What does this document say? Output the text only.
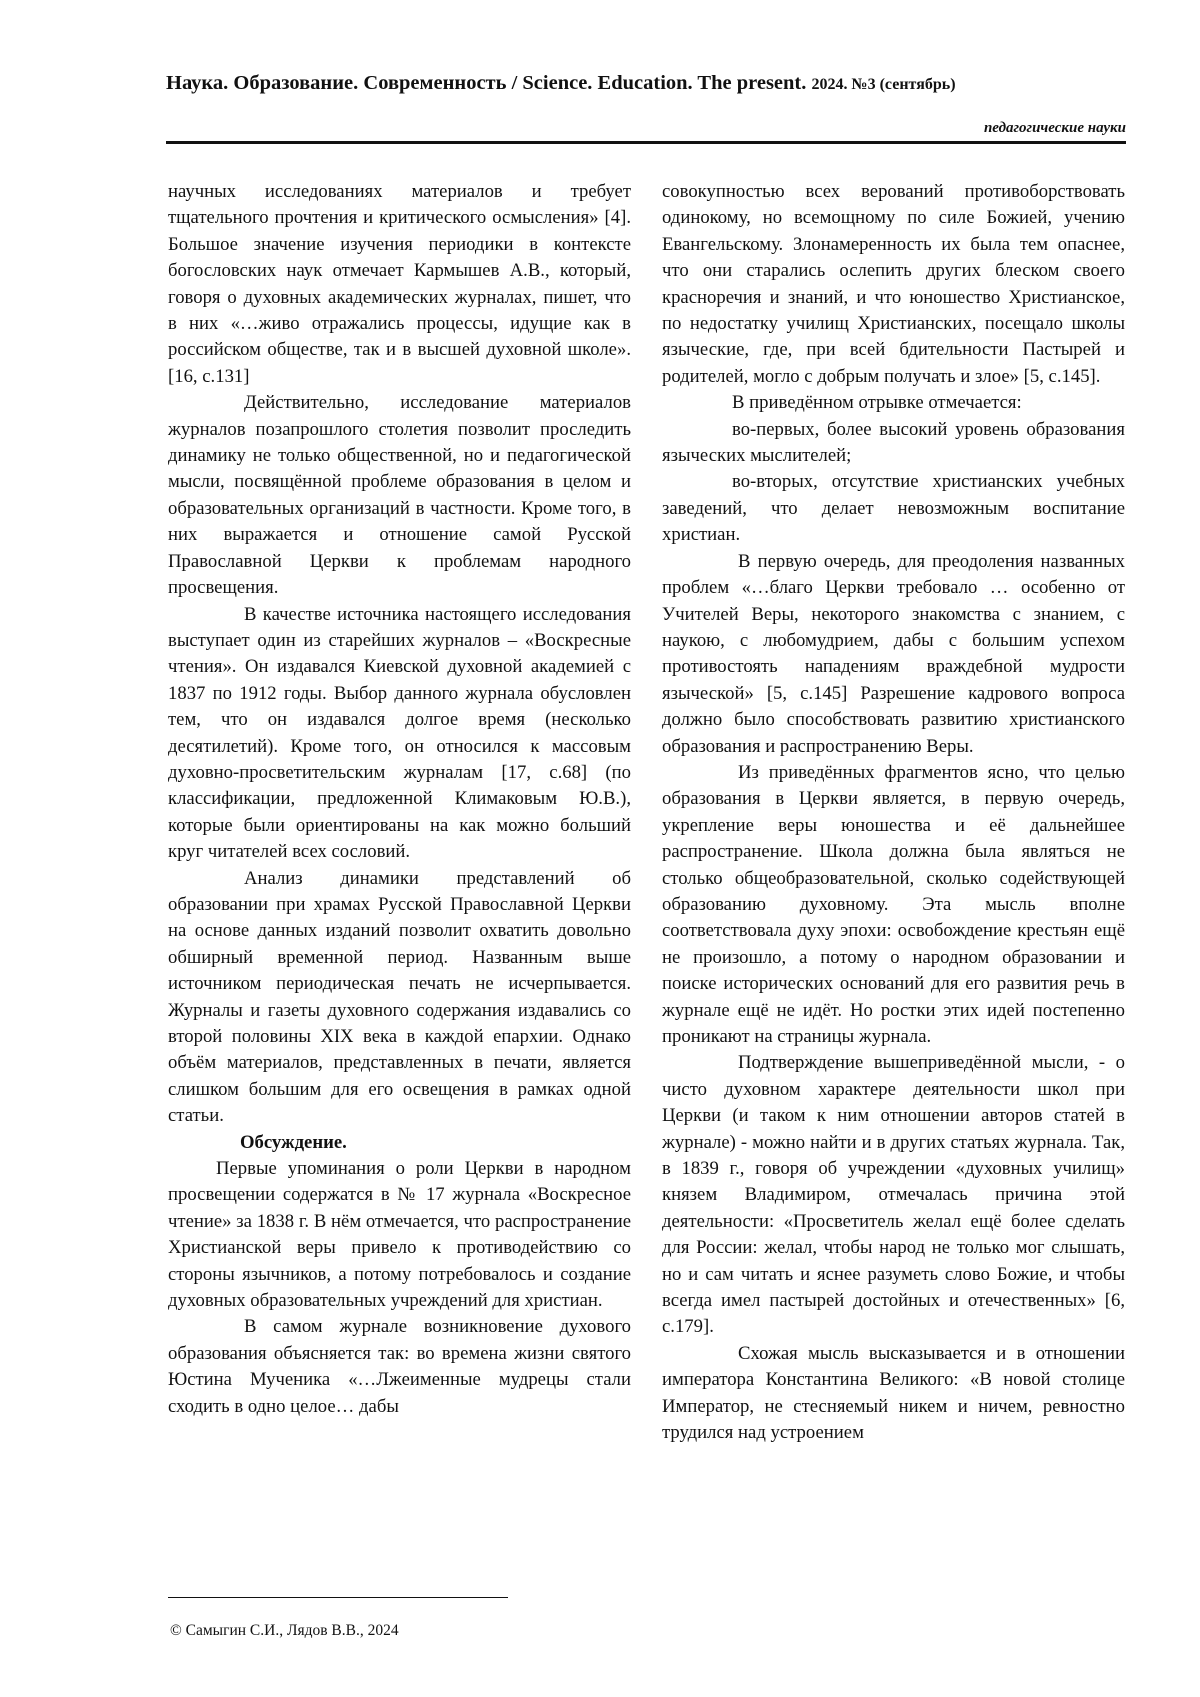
Наука. Образование. Современность / Science. Education. The present. 2024. №3 (сентябрь)
педагогические науки

научных исследованиях материалов и требует тщательного прочтения и критического осмысления» [4]. Большое значение изучения периодики в контексте богословских наук отмечает Кармышев А.В., который, говоря о духовных академических журналах, пишет, что в них «…живо отражались процессы, идущие как в российском обществе, так и в высшей духовной школе».[16, с.131]

Действительно, исследование материалов журналов позапрошлого столетия позволит проследить динамику не только общественной, но и педагогической мысли, посвящённой проблеме образования в целом и образовательных организаций в частности. Кроме того, в них выражается и отношение самой Русской Православной Церкви к проблемам народного просвещения.

В качестве источника настоящего исследования выступает один из старейших журналов – «Воскресные чтения». Он издавался Киевской духовной академией с 1837 по 1912 годы. Выбор данного журнала обусловлен тем, что он издавался долгое время (несколько десятилетий). Кроме того, он относился к массовым духовно-просветительским журналам [17, с.68] (по классификации, предложенной Климаковым Ю.В.), которые были ориентированы на как можно больший круг читателей всех сословий.

Анализ динамики представлений об образовании при храмах Русской Православной Церкви на основе данных изданий позволит охватить довольно обширный временной период. Названным выше источником периодическая печать не исчерпывается. Журналы и газеты духовного содержания издавались со второй половины XIX века в каждой епархии. Однако объём материалов, представленных в печати, является слишком большим для его освещения в рамках одной статьи.

Обсуждение.

Первые упоминания о роли Церкви в народном просвещении содержатся в № 17 журнала «Воскресное чтение» за 1838 г. В нём отмечается, что распространение Христианской веры привело к противодействию со стороны язычников, а потому потребовалось и создание духовных образовательных учреждений для христиан.

В самом журнале возникновение духового образования объясняется так: во времена жизни святого Юстина Мученика «…Лжеименные мудрецы стали сходить в одно целое… дабы

совокупностью всех верований противоборствовать одинокому, но всемощному по силе Божией, учению Евангельскому. Злонамеренность их была тем опаснее, что они старались ослепить других блеском своего красноречия и знаний, и что юношество Христианское, по недостатку училищ Христианских, посещало школы языческие, где, при всей бдительности Пастырей и родителей, могло с добрым получать и злое» [5, с.145].

В приведённом отрывке отмечается:

во-первых, более высокий уровень образования языческих мыслителей;

во-вторых, отсутствие христианских учебных заведений, что делает невозможным воспитание христиан.

В первую очередь, для преодоления названных проблем «…благо Церкви требовало … особенно от Учителей Веры, некоторого знакомства с знанием, с наукою, с любомудрием, дабы с большим успехом противостоять нападениям враждебной мудрости языческой» [5, с.145] Разрешение кадрового вопроса должно было способствовать развитию христианского образования и распространению Веры.

Из приведённых фрагментов ясно, что целью образования в Церкви является, в первую очередь, укрепление веры юношества и её дальнейшее распространение. Школа должна была являться не столько общеобразовательной, сколько содействующей образованию духовному. Эта мысль вполне соответствовала духу эпохи: освобождение крестьян ещё не произошло, а потому о народном образовании и поиске исторических оснований для его развития речь в журнале ещё не идёт. Но ростки этих идей постепенно проникают на страницы журнала.

Подтверждение вышеприведённой мысли, - о чисто духовном характере деятельности школ при Церкви (и таком к ним отношении авторов статей в журнале) - можно найти и в других статьях журнала. Так, в 1839 г., говоря об учреждении «духовных училищ» князем Владимиром, отмечалась причина этой деятельности: «Просветитель желал ещё более сделать для России: желал, чтобы народ не только мог слышать, но и сам читать и яснее разуметь слово Божие, и чтобы всегда имел пастырей достойных и отечественных» [6, с.179].

Схожая мысль высказывается и в отношении императора Константина Великого: «В новой столице Император, не стесняемый никем и ничем, ревностно трудился над устроением

© Самыгин С.И., Лядов В.В., 2024
